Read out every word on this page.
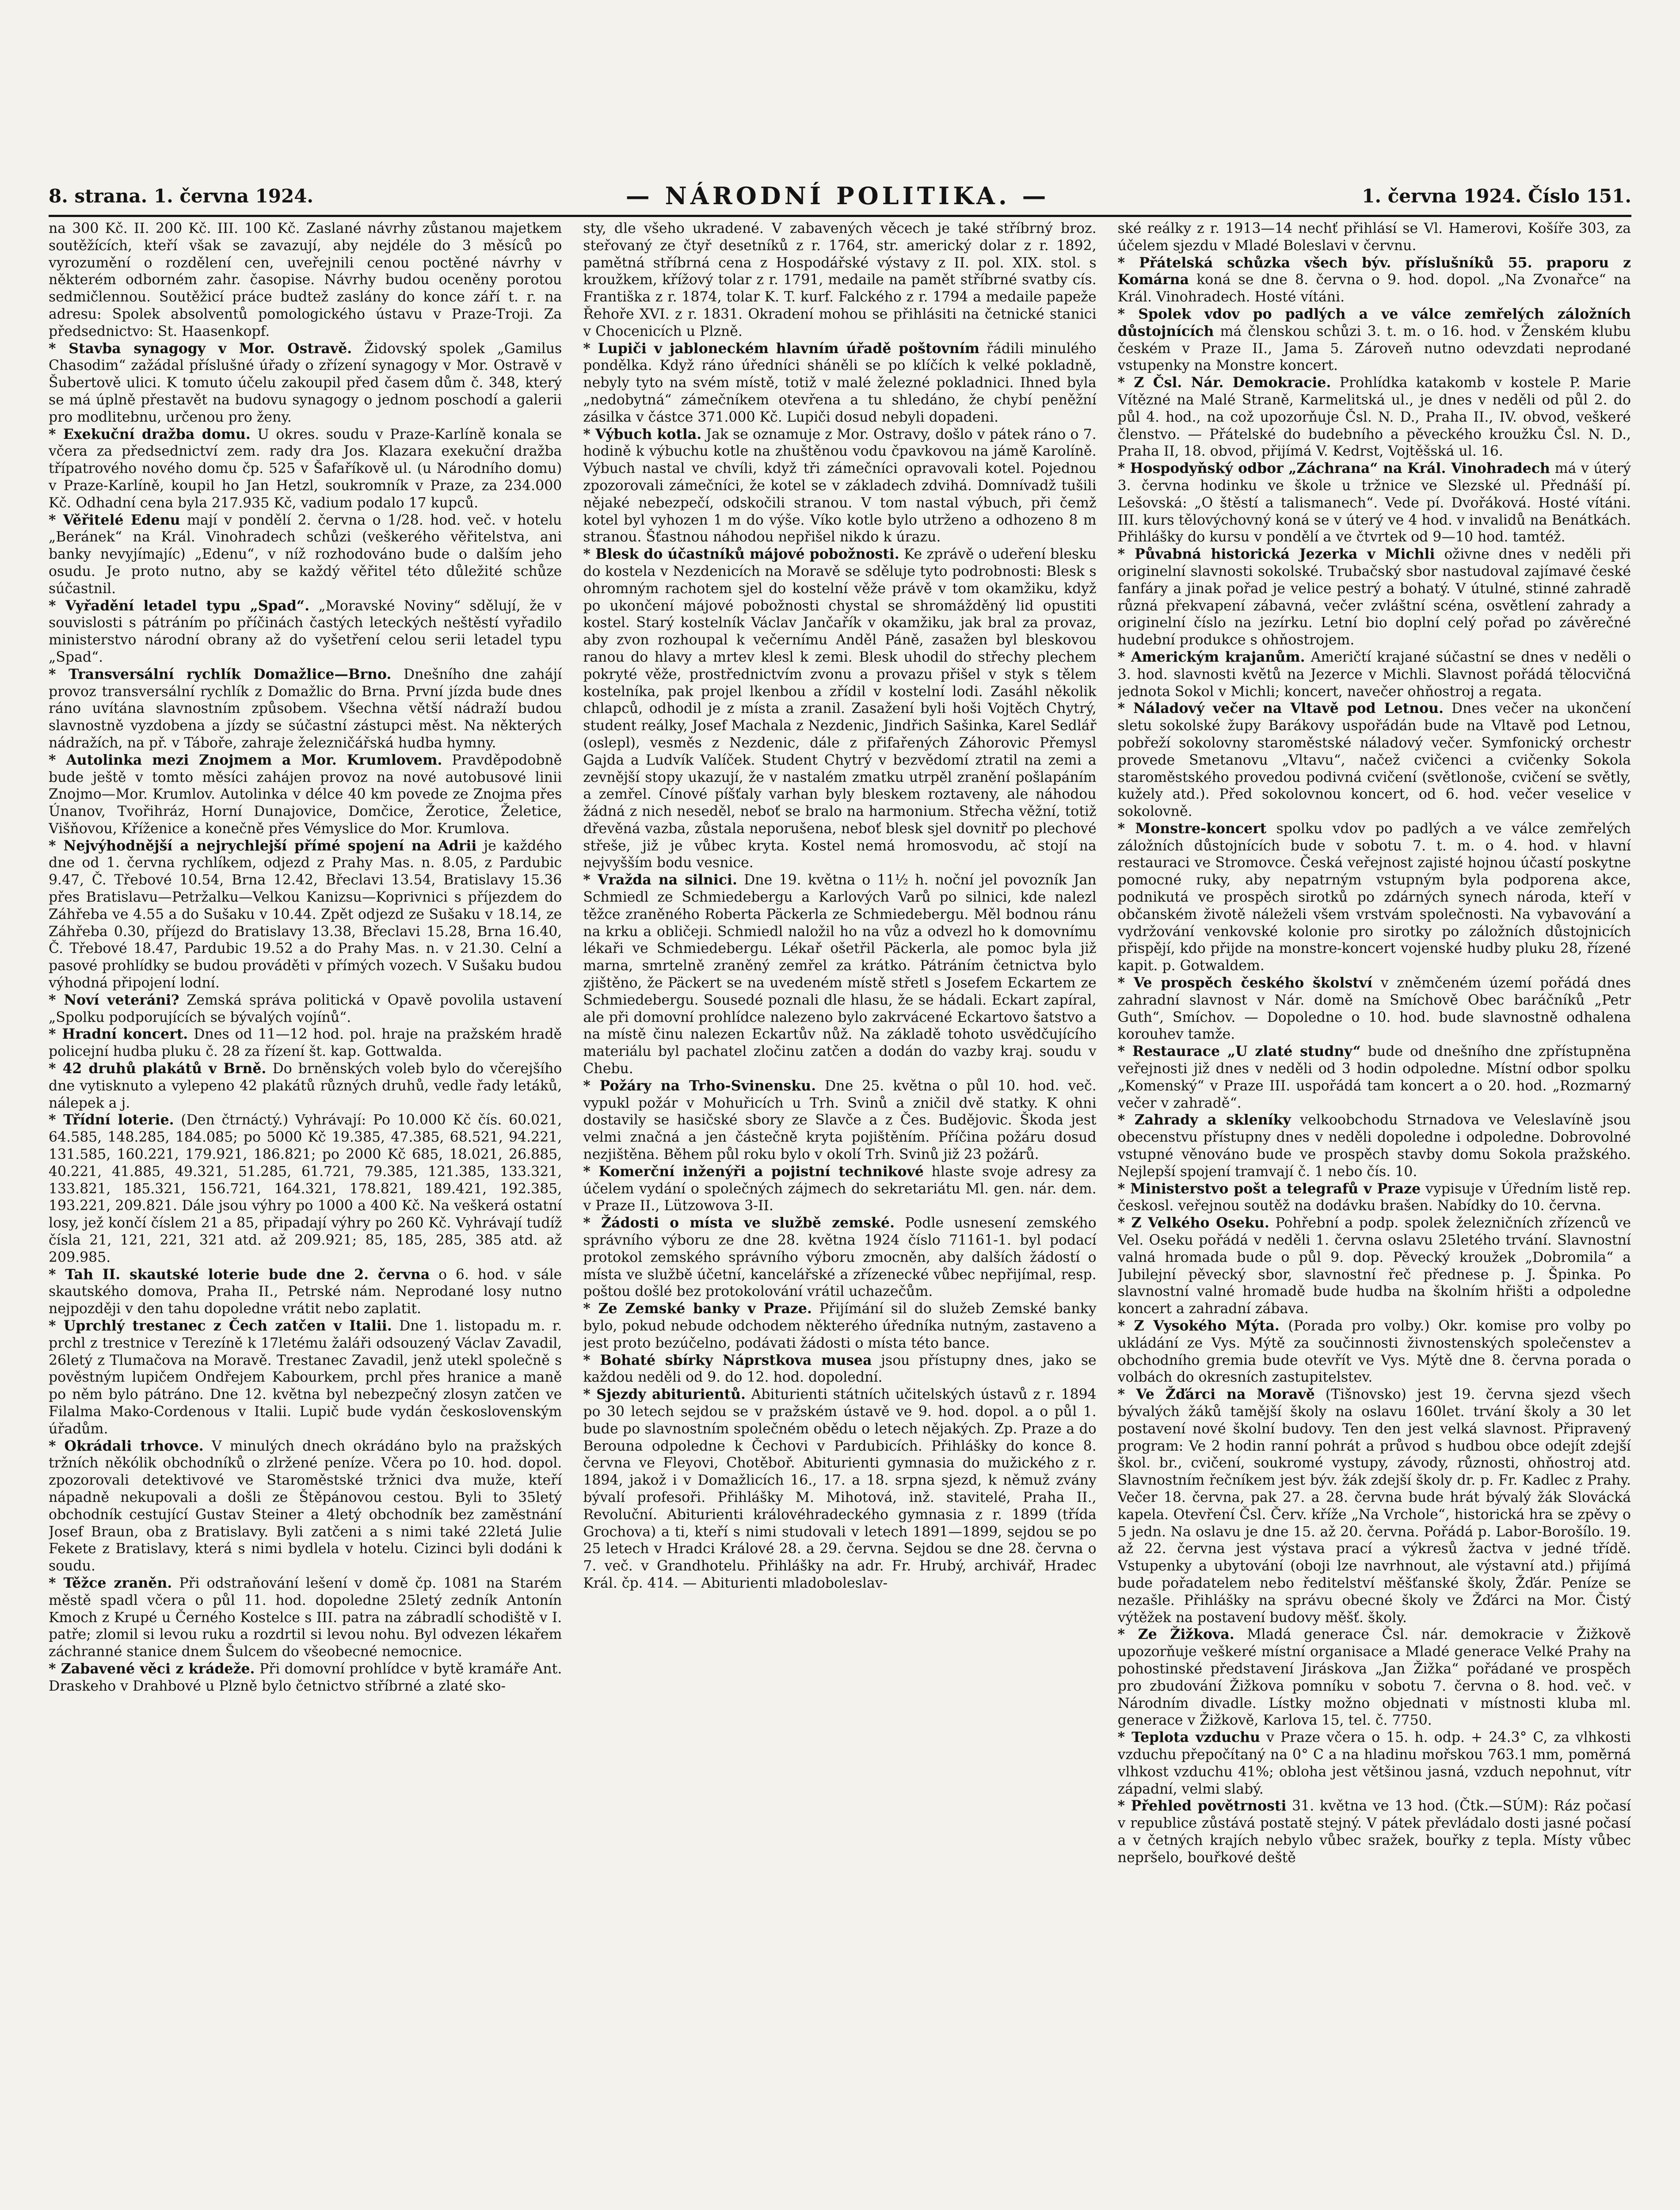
8. strana. 1. června 1924.	— NÁRODNÍ POLITIKA. —	1. června 1924. Číslo 151.

na 300 Kč. II. 200 Kč. III. 100 Kč. Zaslané návrhy zůstanou majetkem soutěžících, kteří však se zavazují, aby nejdéle do 3 měsíců po vyrozumění o rozdělení cen, uveřejnili cenou poctěné návrhy v některém odborném zahr. časopise. Návrhy budou oceněny porotou sedmičlennou. Soutěžicí práce budtež zaslány do konce září t. r. na adresu: Spolek absolventů pomologického ústavu v Praze-Troji. Za předsednictvo: St. Haasenkopf.

* Stavba synagogy v Mor. Ostravě. Židovský spolek „Gamilus Chasodim“ zažádal příslušné úřady o zřízení synagogy v Mor. Ostravě v Šubertově ulici. K tomuto účelu zakoupil před časem dům č. 348, který se má úplně přestavět na budovu synagogy o jednom poschodí a galerii pro modlitebnu, určenou pro ženy.

* Exekuční dražba domu. U okres. soudu v Praze-Karlíně konala se včera za předsednictví zem. rady dra Jos. Klazara exekuční dražba třípatrového nového domu čp. 525 v Šafaříkově ul. (u Národního domu) v Praze-Karlíně, koupil ho Jan Hetzl, soukromník v Praze, za 234.000 Kč. Odhadní cena byla 217.935 Kč, vadium podalo 17 kupců.

* Věřitelé Edenu mají v pondělí 2. června o 1/28. hod. več. v hotelu „Beránek“ na Král. Vinohradech schůzi (veškerého věřitelstva, ani banky nevyjímajíc) „Edenu“, v níž rozhodováno bude o dalším jeho osudu. Je proto nutno, aby se každý věřitel této důležité schůze súčastnil.

* Vyřadění letadel typu „Spad“. „Moravské Noviny“ sdělují, že v souvislosti s pátráním po příčinách častých leteckých neštěstí vyřadilo ministerstvo národní obrany až do vyšetření celou serii letadel typu „Spad“.

* Transversální rychlík Domažlice—Brno. Dnešního dne zahájí provoz transversální rychlík z Domažlic do Brna. První jízda bude dnes ráno uvítána slavnostním způsobem. Všechna větší nádraží budou slavnostně vyzdobena a jízdy se súčastní zástupci měst. Na některých nádražích, na př. v Táboře, zahraje železničářská hudba hymny.

* Autolinka mezi Znojmem a Mor. Krumlovem. Pravděpodobně bude ještě v tomto měsíci zahájen provoz na nové autobusové linii Znojmo—Mor. Krumlov. Autolinka v délce 40 km povede ze Znojma přes Únanov, Tvořihráz, Horní Dunajovice, Domčice, Žerotice, Želetice, Višňovou, Kříženice a konečně přes Vémyslice do Mor. Krumlova.

* Nejvýhodnější a nejrychlejší přímé spojení na Adrii je každého dne od 1. června rychlíkem, odjezd z Prahy Mas. n. 8.05, z Pardubic 9.47, Č. Třebové 10.54, Brna 12.42, Břeclavi 13.54, Bratislavy 15.36 přes Bratislavu—Petržalku—Velkou Kanizsu—Koprivnici s příjezdem do Záhřeba ve 4.55 a do Sušaku v 10.44. Zpět odjezd ze Sušaku v 18.14, ze Záhřeba 0.30, příjezd do Bratislavy 13.38, Břeclavi 15.28, Brna 16.40, Č. Třebové 18.47, Pardubic 19.52 a do Prahy Mas. n. v 21.30. Celní a pasové prohlídky se budou prováděti v přímých vozech. V Sušaku budou výhodná připojení lodní.

* Noví veteráni? Zemská správa politická v Opavě povolila ustavení „Spolku podporujících se bývalých vojínů“.

* Hradní koncert. Dnes od 11—12 hod. pol. hraje na pražském hradě policejní hudba pluku č. 28 za řízení št. kap. Gottwalda.

* 42 druhů plakátů v Brně. Do brněnských voleb bylo do včerejšího dne vytisknuto a vylepeno 42 plakátů různých druhů, vedle řady letáků, nálepek a j.

* Třídní loterie. (Den čtrnáctý.) Vyhrávají: Po 10.000 Kč čís. 60.021, 64.585, 148.285, 184.085; po 5000 Kč 19.385, 47.385, 68.521, 94.221, 131.585, 160.221, 179.921, 186.821; po 2000 Kč 685, 18.021, 26.885, 40.221, 41.885, 49.321, 51.285, 61.721, 79.385, 121.385, 133.321, 133.821, 185.321, 156.721, 164.321, 178.821, 189.421, 192.385, 193.221, 209.821. Dále jsou výhry po 1000 a 400 Kč. Na veškerá ostatní losy, jež končí číslem 21 a 85, připadají výhry po 260 Kč. Vyhrávají tudíž čísla 21, 121, 221, 321 atd. až 209.921; 85, 185, 285, 385 atd. až 209.985.

* Tah II. skautské loterie bude dne 2. června o 6. hod. v sále skautského domova, Praha II., Petrské nám. Neprodané losy nutno nejpozději v den tahu dopoledne vrátit nebo zaplatit.

* Uprchlý trestanec z Čech zatčen v Italii. Dne 1. listopadu m. r. prchl z trestnice v Terezíně k 17letému žaláři odsouzený Václav Zavadil, 26letý z Tlumačova na Moravě. Trestanec Zavadil, jenž utekl společně s pověstným lupičem Ondřejem Kabourkem, prchl přes hranice a maně po něm bylo pátráno. Dne 12. května byl nebezpečný zlosyn zatčen ve Filalma Mako-Cordenous v Italii. Lupič bude vydán československým úřadům.

* Okrádali trhovce. V minulých dnech okrádáno bylo na pražských tržních někólik obchodníků o zlržené peníze. Včera po 10. hod. dopol. zpozorovali detektivové ve Staroměstské tržnici dva muže, kteří nápadně nekupovali a došli ze Štěpánovou cestou. Byli to 35letý obchodník cestující Gustav Steiner a 4letý obchodník bez zaměstnání Josef Braun, oba z Bratislavy. Byli zatčeni a s nimi také 22letá Julie Fekete z Bratislavy, která s nimi bydlela v hotelu. Cizinci byli dodáni k soudu.

* Těžce zraněn. Při odstraňování lešení v domě čp. 1081 na Starém městě spadl včera o půl 11. hod. dopoledne 25letý zedník Antonín Kmoch z Krupé u Černého Kostelce s III. patra na zábradlí schodiště v I. patře; zlomil si levou ruku a rozdrtil si levou nohu. Byl odvezen lékařem záchranné stanice dnem Šulcem do všeobecné nemocnice.

* Zabavené věci z krádeže. Při domovní prohlídce v bytě kramáře Ant. Draskeho v Drahbové u Plzně bylo četnictvo stříbrné a zlaté sko-

sty, dle všeho ukradené. V zabavených věcech je také stříbrný broz. steřovaný ze čtyř desetníků z r. 1764, str. americký dolar z r. 1892, pamětná stříbrná cena z Hospodářské výstavy z II. pol. XIX. stol. s kroužkem, křížový tolar z r. 1791, medaile na pamět stříbrné svatby cís. Františka z r. 1874, tolar K. T. kurf. Falckého z r. 1794 a medaile papeže Řehoře XVI. z r. 1831. Okradení mohou se přihlásiti na četnické stanici v Chocenicích u Plzně.

* Lupiči v jabloneckém hlavním úřadě poštovním řádili minulého pondělka. Když ráno úředníci sháněli se po klíčích k velké pokladně, nebyly tyto na svém místě, totiž v malé železné pokladnici. Ihned byla „nedobytná“ zámečníkem otevřena a tu shledáno, že chybí peněžní zásilka v částce 371.000 Kč. Lupiči dosud nebyli dopadeni.

* Výbuch kotla. Jak se oznamuje z Mor. Ostravy, došlo v pátek ráno o 7. hodině k výbuchu kotle na zhuštěnou vodu čpavkovou na jámě Karolíně. Výbuch nastal ve chvíli, když tři zámečníci opravovali kotel. Pojednou zpozorovali zámečníci, že kotel se v základech zdvihá. Domnívadž tušili nějaké nebezpečí, odskočili stranou. V tom nastal výbuch, při čemž kotel byl vyhozen 1 m do výše. Víko kotle bylo utrženo a odhozeno 8 m stranou. Šťastnou náhodou nepřišel nikdo k úrazu.

* Blesk do účastníků májové pobožnosti. Ke zprávě o udeření blesku do kostela v Nezdenicích na Moravě se sděluje tyto podrobnosti: Blesk s ohromným rachotem sjel do kostelní věže právě v tom okamžiku, když po ukončení májové pobožnosti chystal se shromážděný lid opustiti kostel. Starý kostelník Václav Jančařík v okamžiku, jak bral za provaz, aby zvon rozhoupal k večernímu Anděl Páně, zasažen byl bleskovou ranou do hlavy a mrtev klesl k zemi. Blesk uhodil do střechy plechem pokryté věže, prostřednictvím zvonu a provazu přišel v styk s tělem kostelníka, pak projel lkenbou a zřídil v kostelní lodi. Zasáhl několik chlapců, odhodil je z místa a zranil. Zasažení byli hoši Vojtěch Chytrý, student reálky, Josef Machala z Nezdenic, Jindřich Sašinka, Karel Sedlář (oslepl), vesměs z Nezdenic, dále z přifařených Záhorovic Přemysl Gajda a Ludvík Valíček. Student Chytrý v bezvědomí ztratil na zemi a zevnější stopy ukazují, že v nastalém zmatku utrpěl zranění pošlapáním a zemřel. Cínové píšťaly varhan byly bleskem roztaveny, ale náhodou žádná z nich neseděl, neboť se bralo na harmonium. Střecha věžní, totiž dřevěná vazba, zůstala neporušena, neboť blesk sjel dovnitř po plechové střeše, již je vůbec kryta. Kostel nemá hromosvodu, ač stojí na nejvyšším bodu vesnice.

* Vražda na silnici. Dne 19. května o 11½ h. noční jel povozník Jan Schmiedl ze Schmiedebergu a Karlových Varů po silnici, kde nalezl těžce zraněného Roberta Päckerla ze Schmiedebergu. Měl bodnou ránu na krku a obličeji. Schmiedl naložil ho na vůz a odvezl ho k domovnímu lékaři ve Schmiedebergu. Lékař ošetřil Päckerla, ale pomoc byla již marna, smrtelně zraněný zemřel za krátko. Pátráním četnictva bylo zjištěno, že Päckert se na uvedeném místě střetl s Josefem Eckartem ze Schmiedebergu. Sousedé poznali dle hlasu, že se hádali. Eckart zapíral, ale při domovní prohlídce nalezeno bylo zakrvácené Eckartovo šatstvo a na místě činu nalezen Eckartův nůž. Na základě tohoto usvědčujícího materiálu byl pachatel zločinu zatčen a dodán do vazby kraj. soudu v Chebu.

* Požáry na Trho-Svinensku. Dne 25. května o půl 10. hod. več. vypukl požár v Mohuřicích u Trh. Svinů a zničil dvě statky. K ohni dostavily se hasičské sbory ze Slavče a z Čes. Budějovic. Škoda jest velmi značná a jen částečně kryta pojištěním. Příčina požáru dosud nezjištěna. Během půl roku bylo v okolí Trh. Svinů již 23 požárů.

* Komerční inženýři a pojistní technikové hlaste svoje adresy za účelem vydání o společných zájmech do sekretariátu Ml. gen. nár. dem. v Praze II., Lützowova 3-II.

* Žádosti o místa ve službě zemské. Podle usnesení zemského správního výboru ze dne 28. května 1924 číslo 71161-1. byl podací protokol zemského správního výboru zmocněn, aby dalších žádostí o místa ve službě účetní, kancelářské a zřízenecké vůbec nepřijímal, resp. poštou došlé bez protokolování vrátil uchazečům.

* Ze Zemské banky v Praze. Přijímání sil do služeb Zemské banky bylo, pokud nebude odchodem některého úředníka nutným, zastaveno a jest proto bezúčelno, podávati žádosti o místa této bance.

* Bohaté sbírky Náprstkova musea jsou přístupny dnes, jako se každou neděli od 9. do 12. hod. dopolední.

* Sjezdy abiturientů. Abiturienti státních učitelských ústavů z r. 1894 po 30 letech sejdou se v pražském ústavě ve 9. hod. dopol. a o půl 1. bude po slavnostním společném obědu o letech nějakých. Zp. Praze a do Berouna odpoledne k Čechovi v Pardubicích. Přihlášky do konce 8. června ve Fleyovi, Chotěboř. Abiturienti gymnasia do mužického z r. 1894, jakož i v Domažlicích 16., 17. a 18. srpna sjezd, k němuž zvány bývalí profesoři. Přihlášky M. Mihotová, inž. stavitelé, Praha II., Revoluční. Abiturienti královéhradeckého gymnasia z r. 1899 (třída Grochova) a ti, kteří s nimi studovali v letech 1891—1899, sejdou se po 25 letech v Hradci Králové 28. a 29. června. Sejdou se dne 28. června o 7. več. v Grandhotelu. Přihlášky na adr. Fr. Hrubý, archivář, Hradec Král. čp. 414. — Abiturienti mladoboleslav-

ské reálky z r. 1913—14 nechť přihlásí se Vl. Hamerovi, Košíře 303, za účelem sjezdu v Mladé Boleslavi v červnu.

* Přátelská schůzka všech býv. příslušníků 55. praporu z Komárna koná se dne 8. června o 9. hod. dopol. „Na Zvonařce“ na Král. Vinohradech. Hosté vítáni.

* Spolek vdov po padlých a ve válce zemřelých záložních důstojnících má členskou schůzi 3. t. m. o 16. hod. v Ženském klubu českém v Praze II., Jama 5. Zároveň nutno odevzdati neprodané vstupenky na Monstre koncert.

* Z Čsl. Nár. Demokracie. Prohlídka katakomb v kostele P. Marie Vítězné na Malé Straně, Karmelitská ul., je dnes v neděli od půl 2. do půl 4. hod., na což upozorňuje Čsl. N. D., Praha II., IV. obvod, veškeré členstvo. — Přátelské do budebního a pěveckého kroužku Čsl. N. D., Praha II, 18. obvod, přijímá V. Kedrst, Vojtěšská ul. 16.

* Hospodyňský odbor „Záchrana“ na Král. Vinohradech má v úterý 3. června hodinku ve škole u tržnice ve Slezské ul. Přednáší pí. Lešovská: „O štěstí a talismanech“. Vede pí. Dvořáková. Hosté vítáni. III. kurs tělovýchovný koná se v úterý ve 4 hod. v invalidů na Benátkách. Přihlášky do kursu v pondělí a ve čtvrtek od 9—10 hod. tamtéž.

* Půvabná historická Jezerka v Michli oživne dnes v neděli při originelní slavnosti sokolské. Trubačský sbor nastudoval zajímavé české fanfáry a jinak pořad je velice pestrý a bohatý. V útulné, stinné zahradě různá překvapení zábavná, večer zvláštní scéna, osvětlení zahrady a originelní číslo na jezírku. Letní bio doplní celý pořad po závěrečné hudební produkce s ohňostrojem.

* Americkým krajanům. Američtí krajané súčastní se dnes v neděli o 3. hod. slavnosti květů na Jezerce v Michli. Slavnost pořádá tělocvičná jednota Sokol v Michli; koncert, navečer ohňostroj a regata.

* Náladový večer na Vltavě pod Letnou. Dnes večer na ukončení sletu sokolské župy Barákovy uspořádán bude na Vltavě pod Letnou, pobřeží sokolovny staroměstské náladový večer. Symfonický orchestr provede Smetanovu „Vltavu“, načež cvičenci a cvičenky Sokola staroměstského provedou podivná cvičení (světlonoše, cvičení se světly, kužely atd.). Před sokolovnou koncert, od 6. hod. večer veselice v sokolovně.

* Monstre-koncert spolku vdov po padlých a ve válce zemřelých záložních důstojnících bude v sobotu 7. t. m. o 4. hod. v hlavní restauraci ve Stromovce. Česká veřejnost zajisté hojnou účastí poskytne pomocné ruky, aby nepatrným vstupným byla podporena akce, podnikutá ve prospěch sirotků po zdárných synech národa, kteří v občanském životě náleželi všem vrstvám společnosti. Na vybavování a vydržování venkovské kolonie pro sirotky po záložních důstojnicích přispějí, kdo přijde na monstre-koncert vojenské hudby pluku 28, řízené kapit. p. Gotwaldem.

* Ve prospěch českého školství v zněmčeném území pořádá dnes zahradní slavnost v Nár. domě na Smíchově Obec baráčníků „Petr Guth“, Smíchov. — Dopoledne o 10. hod. bude slavnostně odhalena korouhev tamže.

* Restaurace „U zlaté studny“ bude od dnešního dne zpřístupněna veřejnosti již dnes v neděli od 3 hodin odpoledne. Místní odbor spolku „Komenský“ v Praze III. uspořádá tam koncert a o 20. hod. „Rozmarný večer v zahradě“.

* Zahrady a skleníky velkoobchodu Strnadova ve Veleslavíně jsou obecenstvu přístupny dnes v neděli dopoledne i odpoledne. Dobrovolné vstupné věnováno bude ve prospěch stavby domu Sokola pražského. Nejlepší spojení tramvají č. 1 nebo čís. 10.

* Ministerstvo pošt a telegrafů v Praze vypisuje v Úředním listě rep. českosl. veřejnou soutěž na dodávku brašen. Nabídky do 10. června.

* Z Velkého Oseku. Pohřební a podp. spolek železničních zřízenců ve Vel. Oseku pořádá v neděli 1. června oslavu 25letého trvání. Slavnostní valná hromada bude o půl 9. dop. Pěvecký kroužek „Dobromila“ a Jubilejní pěvecký sbor, slavnostní řeč přednese p. J. Špinka. Po slavnostní valné hromadě bude hudba na školním hřišti a odpoledne koncert a zahradní zábava.

* Z Vysokého Mýta. (Porada pro volby.) Okr. komise pro volby po ukládání ze Vys. Mýtě za součinnosti živnostenských společenstev a obchodního gremia bude otevřít ve Vys. Mýtě dne 8. června porada o volbách do okresních zastupitelstev.

* Ve Žďárci na Moravě (Tišnovsko) jest 19. června sjezd všech bývalých žáků tamější školy na oslavu 160let. trvání školy a 30 let postavení nové školní budovy. Ten den jest velká slavnost. Připravený program: Ve 2 hodin ranní pohrát a průvod s hudbou obce odejít zdejší škol. br., cvičení, soukromé vystupy, závody, různosti, ohňostroj atd. Slavnostním řečníkem jest býv. žák zdejší školy dr. p. Fr. Kadlec z Prahy. Večer 18. června, pak 27. a 28. června bude hrát bývalý žák Slovácká kapela. Otevření Čsl. Červ. kříže „Na Vrchole“, historická hra se zpěvy o 5 jedn. Na oslavu je dne 15. až 20. června. Pořádá p. Labor-Borošílo. 19. až 22. června jest výstava prací a výkresů žactva v jedné třídě. Vstupenky a ubytování (oboji lze navrhnout, ale výstavní atd.) přijímá bude pořadatelem nebo ředitelství měšťanské školy, Žďár. Peníze se nezašle. Přihlášky na správu obecné školy ve Žďárci na Mor. Čistý výtěžek na postavení budovy měšť. školy.

* Ze Žižkova. Mladá generace Čsl. nár. demokracie v Žižkově upozorňuje veškeré místní organisace a Mladé generace Velké Prahy na pohostinské představení Jiráskova „Jan Žižka“ pořádané ve prospěch pro zbudování Žižkova pomníku v sobotu 7. června o 8. hod. več. v Národním divadle. Lístky možno objednati v místnosti kluba ml. generace v Žižkově, Karlova 15, tel. č. 7750.

* Teplota vzduchu v Praze včera o 15. h. odp. + 24.3° C, za vlhkosti vzduchu přepočítaný na 0° C a na hladinu mořskou 763.1 mm, poměrná vlhkost vzduchu 41%; obloha jest většinou jasná, vzduch nepohnut, vítr západní, velmi slabý.

* Přehled povětrnosti 31. května ve 13 hod. (Čtk.—SÚM): Ráz počasí v republice zůstává postatě stejný. V pátek převládalo dosti jasné počasí a v četných krajích nebylo vůbec sražek, bouřky z tepla. Místy vůbec nepršelo, bouřkové deště
